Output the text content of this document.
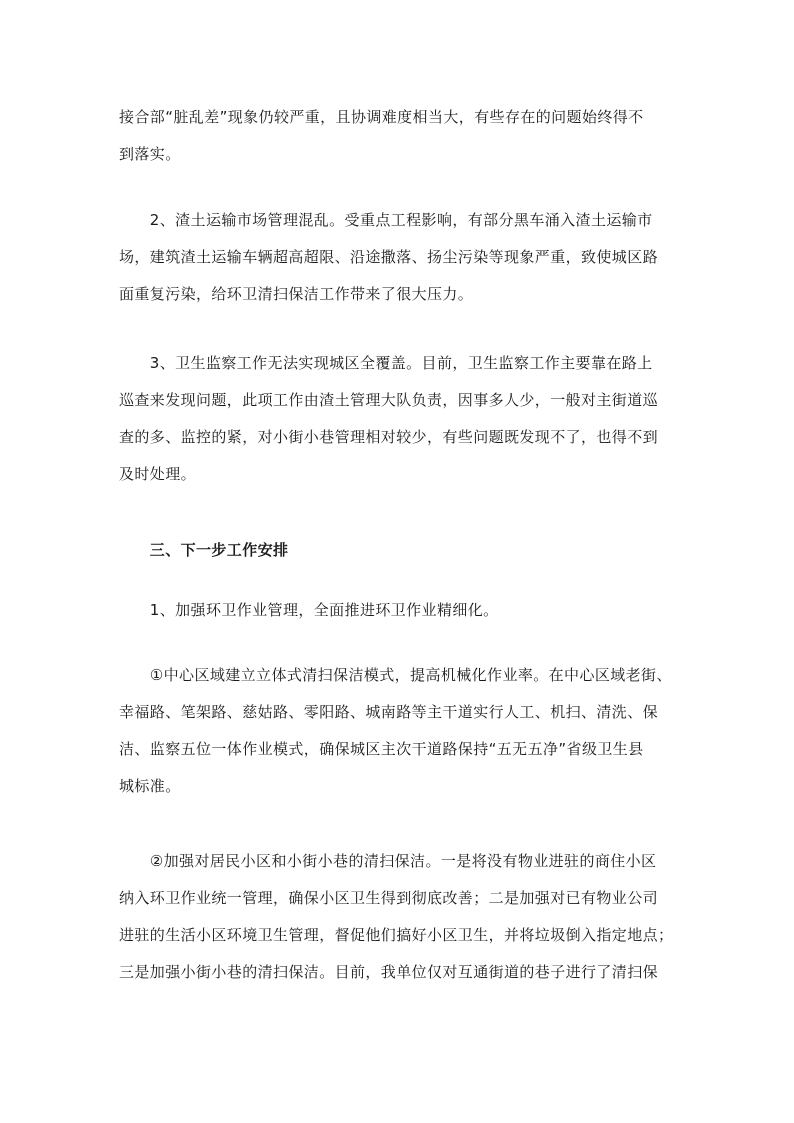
接合部“脏乱差”现象仍较严重，且协调难度相当大，有些存在的问题始终得不
到落实。
　　2、渣土运输市场管理混乱。受重点工程影响，有部分黑车涌入渣土运输市
场，建筑渣土运输车辆超高超限、沿途撒落、扬尘污染等现象严重，致使城区路
面重复污染，给环卫清扫保洁工作带来了很大压力。
　　3、卫生监察工作无法实现城区全覆盖。目前，卫生监察工作主要靠在路上
巡查来发现问题，此项工作由渣土管理大队负责，因事多人少，一般对主街道巡
查的多、监控的紧，对小街小巷管理相对较少，有些问题既发现不了，也得不到
及时处理。
　　三、下一步工作安排
　　1、加强环卫作业管理，全面推进环卫作业精细化。
　　①中心区域建立立体式清扫保洁模式，提高机械化作业率。在中心区域老街、
幸福路、笔架路、慈姑路、零阳路、城南路等主干道实行人工、机扫、清洗、保
洁、监察五位一体作业模式，确保城区主次干道路保持“五无五净”省级卫生县
城标准。
　　②加强对居民小区和小街小巷的清扫保洁。一是将没有物业进驻的商住小区
纳入环卫作业统一管理，确保小区卫生得到彻底改善；二是加强对已有物业公司
进驻的生活小区环境卫生管理，督促他们搞好小区卫生，并将垃圾倒入指定地点；
三是加强小街小巷的清扫保洁。目前，我单位仅对互通街道的巷子进行了清扫保
